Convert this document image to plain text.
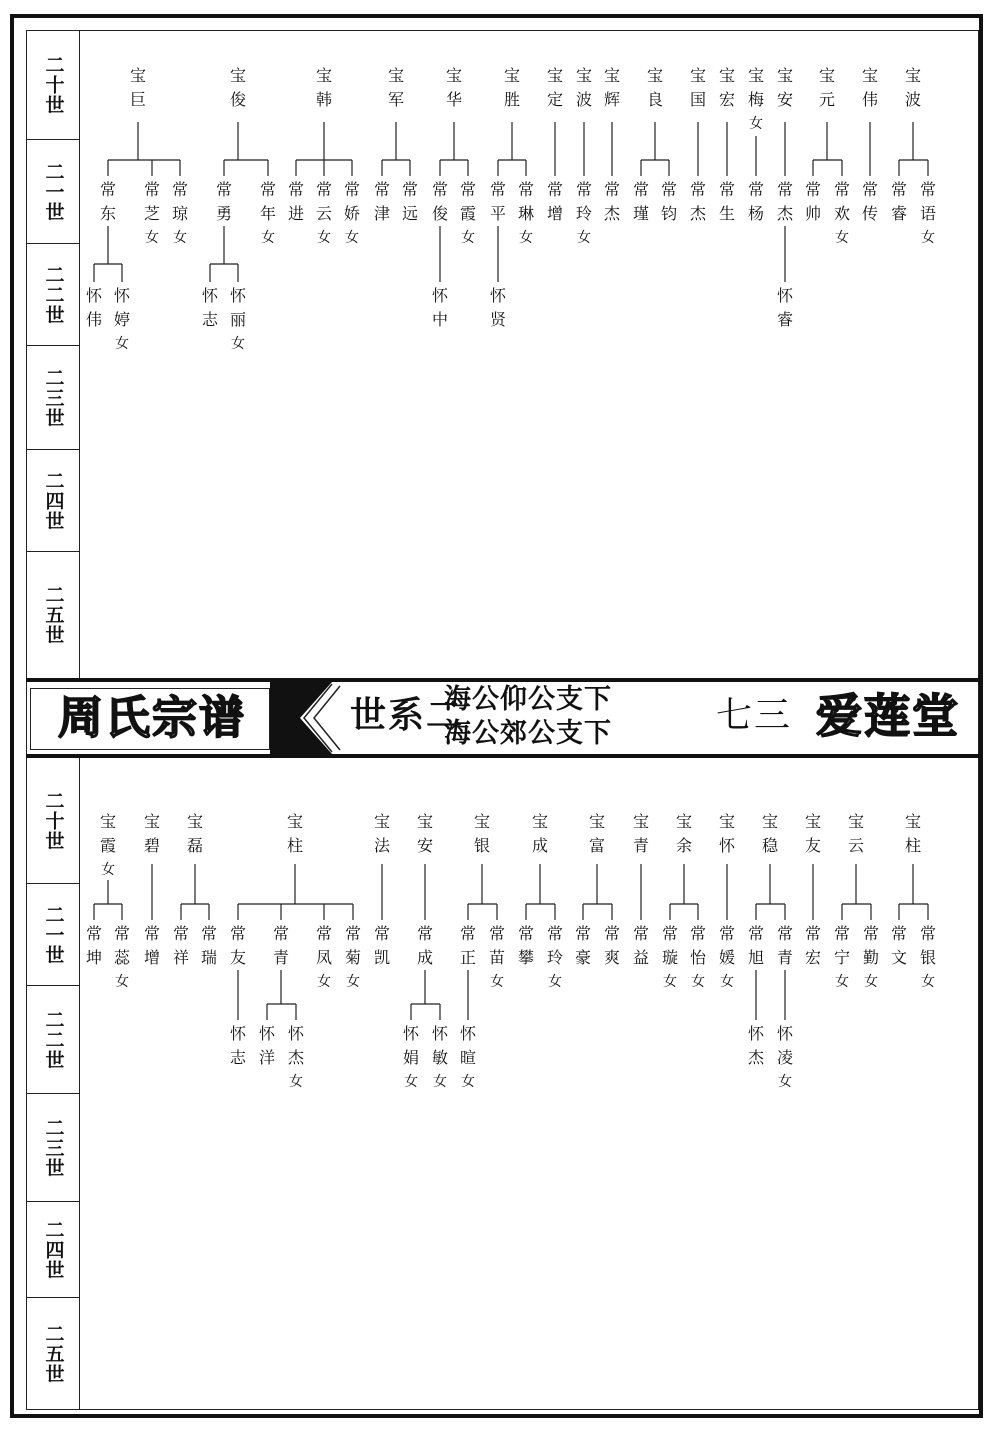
二十世
二一世
二二世
二三世
二四世
二五世
二十世
二一世
二二世
二三世
二四世
二五世
周氏宗谱	世系二
海公仰公支下
海公郊公支下	七三 爱莲堂
宝
巨
宝
俊
宝
韩
宝
军
宝
华
宝
胜
宝
定
宝
波
宝
辉
宝
良
宝
国
宝
宏
宝
梅
女
宝
安
宝
元
宝
伟
宝
波
常
东
常
芝
女
常
琼
女
常
勇
常
年
女
常
进
常
云
女
常
娇
女
常
津
常
远
常
俊
常
霞
女
常
平
常
琳
女
常
增
常
玲
女
常
杰
常
瑾
常
钧
常
杰
常
生
常
杨
常
杰
常
帅
常
欢
女
常
传
常
睿
常
语
女
怀
伟
怀
婷
女
怀
志
怀
丽
女
怀
中
怀
贤
怀
睿
宝
霞
女
宝
碧
宝
磊
宝
柱
宝
法
宝
安
宝
银
宝
成
宝
富
宝
青
宝
余
宝
怀
宝
稳
宝
友
宝
云
宝
柱
常
坤
常
蕊
女
常
增
常
祥
常
瑞
常
友
常
青
常
凤
女
常
菊
女
常
凯
常
成
常
正
常
苗
女
常
攀
常
玲
女
常
豪
常
爽
常
益
常
璇
女
常
怡
女
常
媛
女
常
旭
常
青
常
宏
常
宁
女
常
勤
女
常
文
常
银
女
怀
志
怀
洋
怀
杰
女
怀
娟
女
怀
敏
女
怀
暄
女
怀
杰
怀
凌
女
